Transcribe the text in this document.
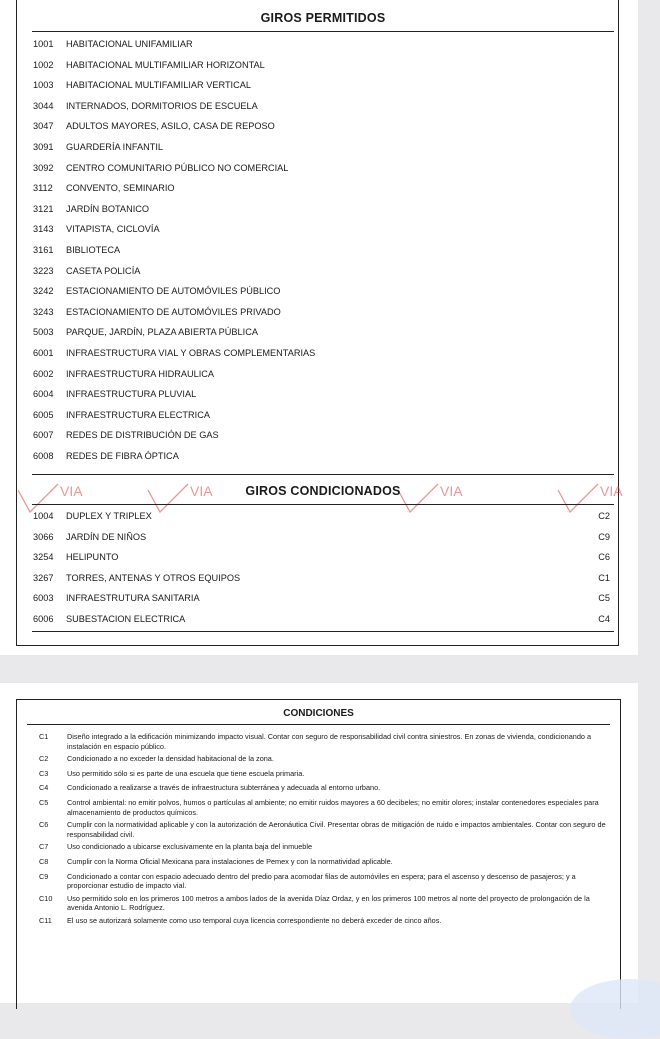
GIROS PERMITIDOS
1001 HABITACIONAL UNIFAMILIAR
1002 HABITACIONAL MULTIFAMILIAR HORIZONTAL
1003 HABITACIONAL MULTIFAMILIAR VERTICAL
3044 INTERNADOS, DORMITORIOS DE ESCUELA
3047 ADULTOS MAYORES, ASILO, CASA DE REPOSO
3091 GUARDERÍA INFANTIL
3092 CENTRO COMUNITARIO PÚBLICO NO COMERCIAL
3112 CONVENTO, SEMINARIO
3121 JARDÍN BOTANICO
3143 VITAPISTA, CICLOVÍA
3161 BIBLIOTECA
3223 CASETA POLICÍA
3242 ESTACIONAMIENTO DE AUTOMÓVILES PÚBLICO
3243 ESTACIONAMIENTO DE AUTOMÓVILES PRIVADO
5003 PARQUE, JARDÍN, PLAZA ABIERTA PÚBLICA
6001 INFRAESTRUCTURA VIAL Y OBRAS COMPLEMENTARIAS
6002 INFRAESTRUCTURA HIDRAULICA
6004 INFRAESTRUCTURA PLUVIAL
6005 INFRAESTRUCTURA ELECTRICA
6007 REDES DE DISTRIBUCIÓN DE GAS
6008 REDES DE FIBRA ÓPTICA
VIA	VIA	VIA	VIA
GIROS CONDICIONADOS
1004 DUPLEX Y TRIPLEX	C2
3066 JARDÍN DE NIÑOS	C9
3254 HELIPUNTO	C6
3267 TORRES, ANTENAS Y OTROS EQUIPOS	C1
6003 INFRAESTRUTURA SANITARIA	C5
6006 SUBESTACION ELECTRICA	C4
CONDICIONES
C1	Diseño integrado a la edificación minimizando impacto visual. Contar con seguro de responsabilidad civil contra siniestros. En zonas de vivienda, condicionando a instalación en espacio público.
C2	Condicionado a no exceder la densidad habitacional de la zona.
C3	Uso permitido sólo si es parte de una escuela que tiene escuela primaria.
C4	Condicionado a realizarse a través de infraestructura subterránea y adecuada al entorno urbano.
C5	Control ambiental: no emitir polvos, humos o partículas al ambiente; no emitir ruidos mayores a 60 decibeles; no emitir olores; instalar contenedores especiales para almacenamiento de productos químicos.
C6	Cumplir con la normatividad aplicable y con la autorización de Aeronáutica Civil. Presentar obras de mitigación de ruido e impactos ambientales. Contar con seguro de responsabilidad civil.
C7	Uso condicionado a ubicarse exclusivamente en la planta baja del inmueble
C8	Cumplir con la Norma Oficial Mexicana para instalaciones de Pemex y con la normatividad aplicable.
C9	Condicionado a contar con espacio adecuado dentro del predio para acomodar filas de automóviles en espera; para el ascenso y descenso de pasajeros; y a proporcionar estudio de impacto vial.
C10 Uso permitido solo en los primeros 100 metros a ambos lados de la avenida Díaz Ordaz, y en los primeros 100 metros al norte del proyecto de prolongación de la avenida Antonio L. Rodríguez.
C11 El uso se autorizará solamente como uso temporal cuya licencia correspondiente no deberá exceder de cinco años.
